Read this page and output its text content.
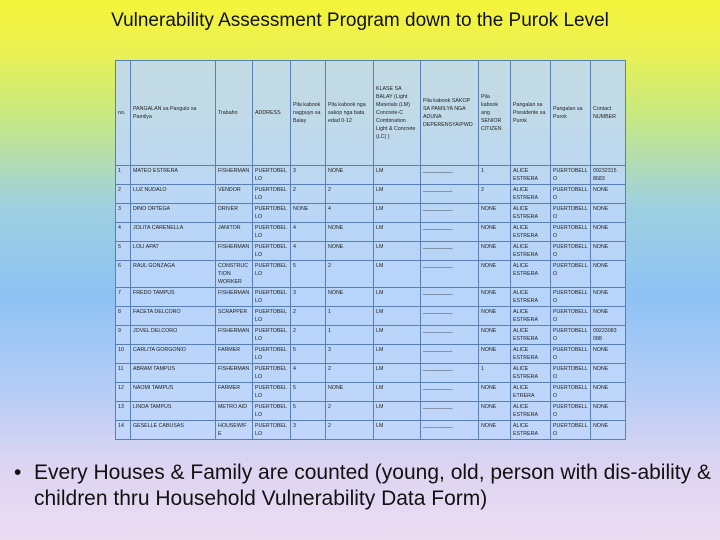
Vulnerability Assessment Program down to the Purok Level
no.	PANGALAN sa Pangulo sa Pamilya	Trabaho	ADDRESS	Pila kabook nagpuyo sa Balay	Pila kabook nga sakop nga bata edad 0-12	KLASE SA BALAY (Light Materials (LM) Concrete-C Combination Light & Concrete (LC) )	Pila kabook SAKOP SA PAMILYA NGA ADUNA DEPERENSYA/PWD	Pila kabook ang SENIOR CITIZEN	Pangalan sa Presidente sa Purok	Pangalan sa Purok	Contact NUMBER
1	MATEO ESTRERA	FISHERMAN	PUERTOBELLO	3	NONE	LM	__________	1	ALICE ESTRERA	PUERTOBELLO	09232315 8683
2	LUZ NUDALO	VENDOR	PUERTOBELLO	2	2	LM	__________	2	ALICE ESTRERA	PUERTOBELLO	NONE
3	DINO ORTEGA	DRIVER	PUERTOBELLO	NONE	4	LM	__________	NONE	ALICE ESTRERA	PUERTOBELLO	NONE
4	JOLITA CARENELLA	JANITOR	PUERTOBELLO	4	NONE	LM	__________	NONE	ALICE ESTRERA	PUERTOBELLO	NONE
5	LOLI APAT	FISHERMAN	PUERTOBELLO	4	NONE	LM	__________	NONE	ALICE ESTRERA	PUERTOBELLO	NONE
6	RAUL GONZAGA	CONSTRUCTION WORKER	PUERTOBELLO	5	2	LM	__________	NONE	ALICE ESTRERA	PUERTOBELLO	NONE
7	FREDO TAMPUS	FISHERMAN	PUERTOBELLO	3	NONE	LM	__________	NONE	ALICE ESTRERA	PUERTOBELLO	NONE
8	FACETA DELCORO	SCRAPPER	PUERTOBELLO	2	1	LM	__________	NONE	ALICE ESTRERA	PUERTOBELLO	NONE
9	JOVEL DELCORO	FISHERMAN	PUERTOBELLO	2	1	LM	__________	NONE	ALICE ESTRERA	PUERTOBELLO	09223083 088
10	CARLITA GORGONIO	FARMER	PUERTOBELLO	5	3	LM	__________	NONE	ALICE ESTRERA	PUERTOBELLO	NONE
11	ABRAM TAMPUS	FISHERMAN	PUERTOBELLO	4	2	LM	__________	1	ALICE ESTRERA	PUERTOBELLO	NONE
12	NAOMI TAMPUS	FARMER	PUERTOBELLO	5	NONE	LM	__________	NONE	ALICE ETRERA	PUERTOBELLO	NONE
13	LINDA TAMPUS	METRO AID	PUERTOBELLO	5	2	LM	__________	NONE	ALICE ESTRERA	PUERTOBELLO	NONE
14	GESELLE CABUSAS	HOUSEWIFE	PUERTOBELLO	3	2	LM	__________	NONE	ALICE ESTRERA	PUERTOBELLO	NONE
• Every Houses & Family are counted (young, old, person with dis-ability & children thru Household Vulnerability Data Form)
